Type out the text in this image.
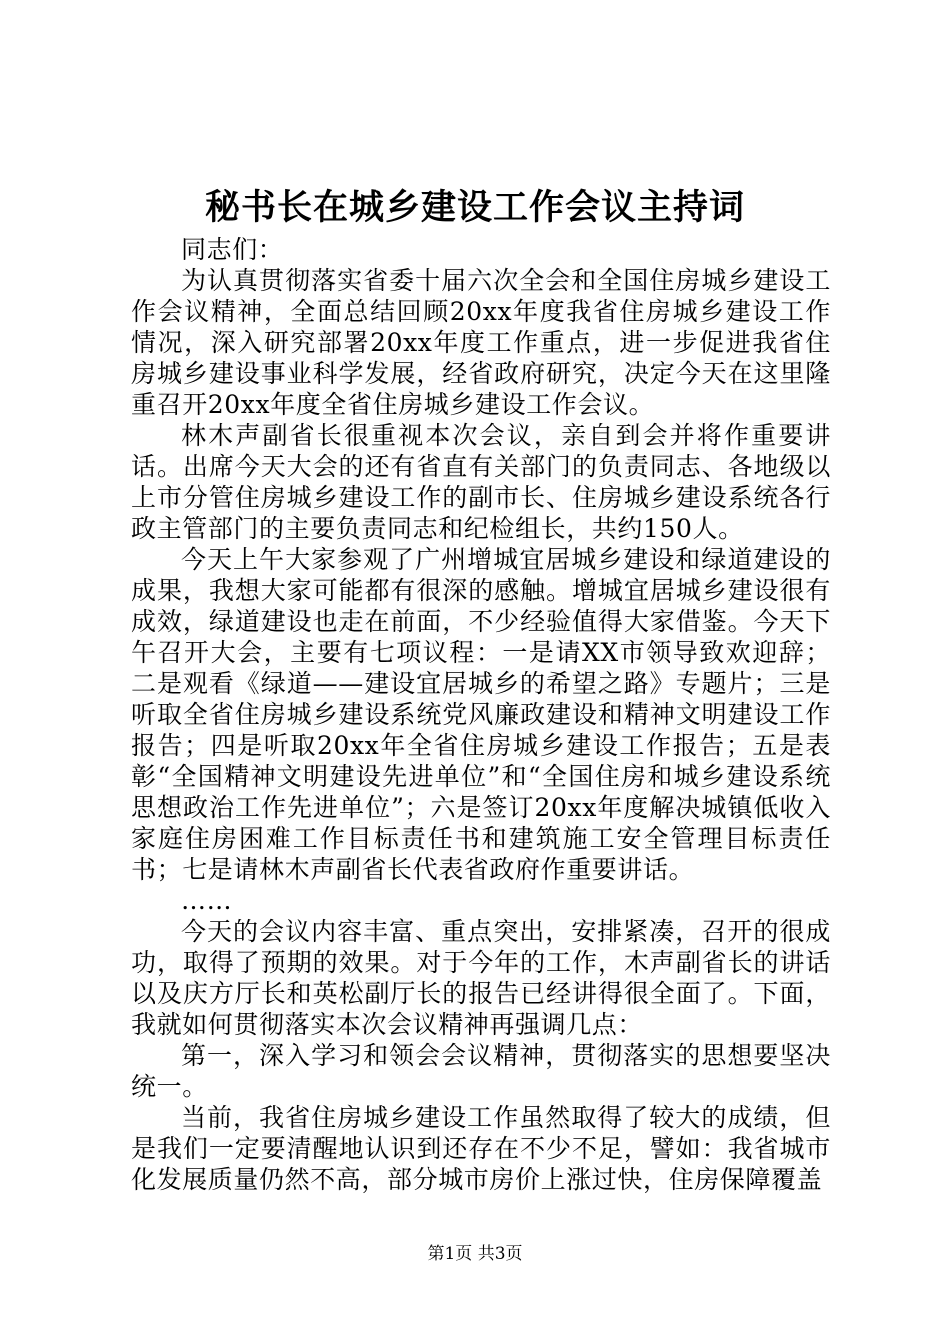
秘书长在城乡建设工作会议主持词

同志们：

为认真贯彻落实省委十届六次全会和全国住房城乡建设工作会议精神，全面总结回顾20xx年度我省住房城乡建设工作情况，深入研究部署20xx年度工作重点，进一步促进我省住房城乡建设事业科学发展，经省政府研究，决定今天在这里隆重召开20xx年度全省住房城乡建设工作会议。

林木声副省长很重视本次会议，亲自到会并将作重要讲话。出席今天大会的还有省直有关部门的负责同志、各地级以上市分管住房城乡建设工作的副市长、住房城乡建设系统各行政主管部门的主要负责同志和纪检组长，共约150人。

今天上午大家参观了广州增城宜居城乡建设和绿道建设的成果，我想大家可能都有很深的感触。增城宜居城乡建设很有成效，绿道建设也走在前面，不少经验值得大家借鉴。今天下午召开大会，主要有七项议程：一是请XX市领导致欢迎辞；二是观看《绿道——建设宜居城乡的希望之路》专题片；三是听取全省住房城乡建设系统党风廉政建设和精神文明建设工作报告；四是听取20xx年全省住房城乡建设工作报告；五是表彰“全国精神文明建设先进单位”和“全国住房和城乡建设系统思想政治工作先进单位”；六是签订20xx年度解决城镇低收入家庭住房困难工作目标责任书和建筑施工安全管理目标责任书；七是请林木声副省长代表省政府作重要讲话。

……

今天的会议内容丰富、重点突出，安排紧凑，召开的很成功，取得了预期的效果。对于今年的工作，木声副省长的讲话以及庆方厅长和英松副厅长的报告已经讲得很全面了。下面，我就如何贯彻落实本次会议精神再强调几点：

第一，深入学习和领会会议精神，贯彻落实的思想要坚决统一。

当前，我省住房城乡建设工作虽然取得了较大的成绩，但是我们一定要清醒地认识到还存在不少不足，譬如：我省城市化发展质量仍然不高，部分城市房价上涨过快，住房保障覆盖

第1页 共3页
